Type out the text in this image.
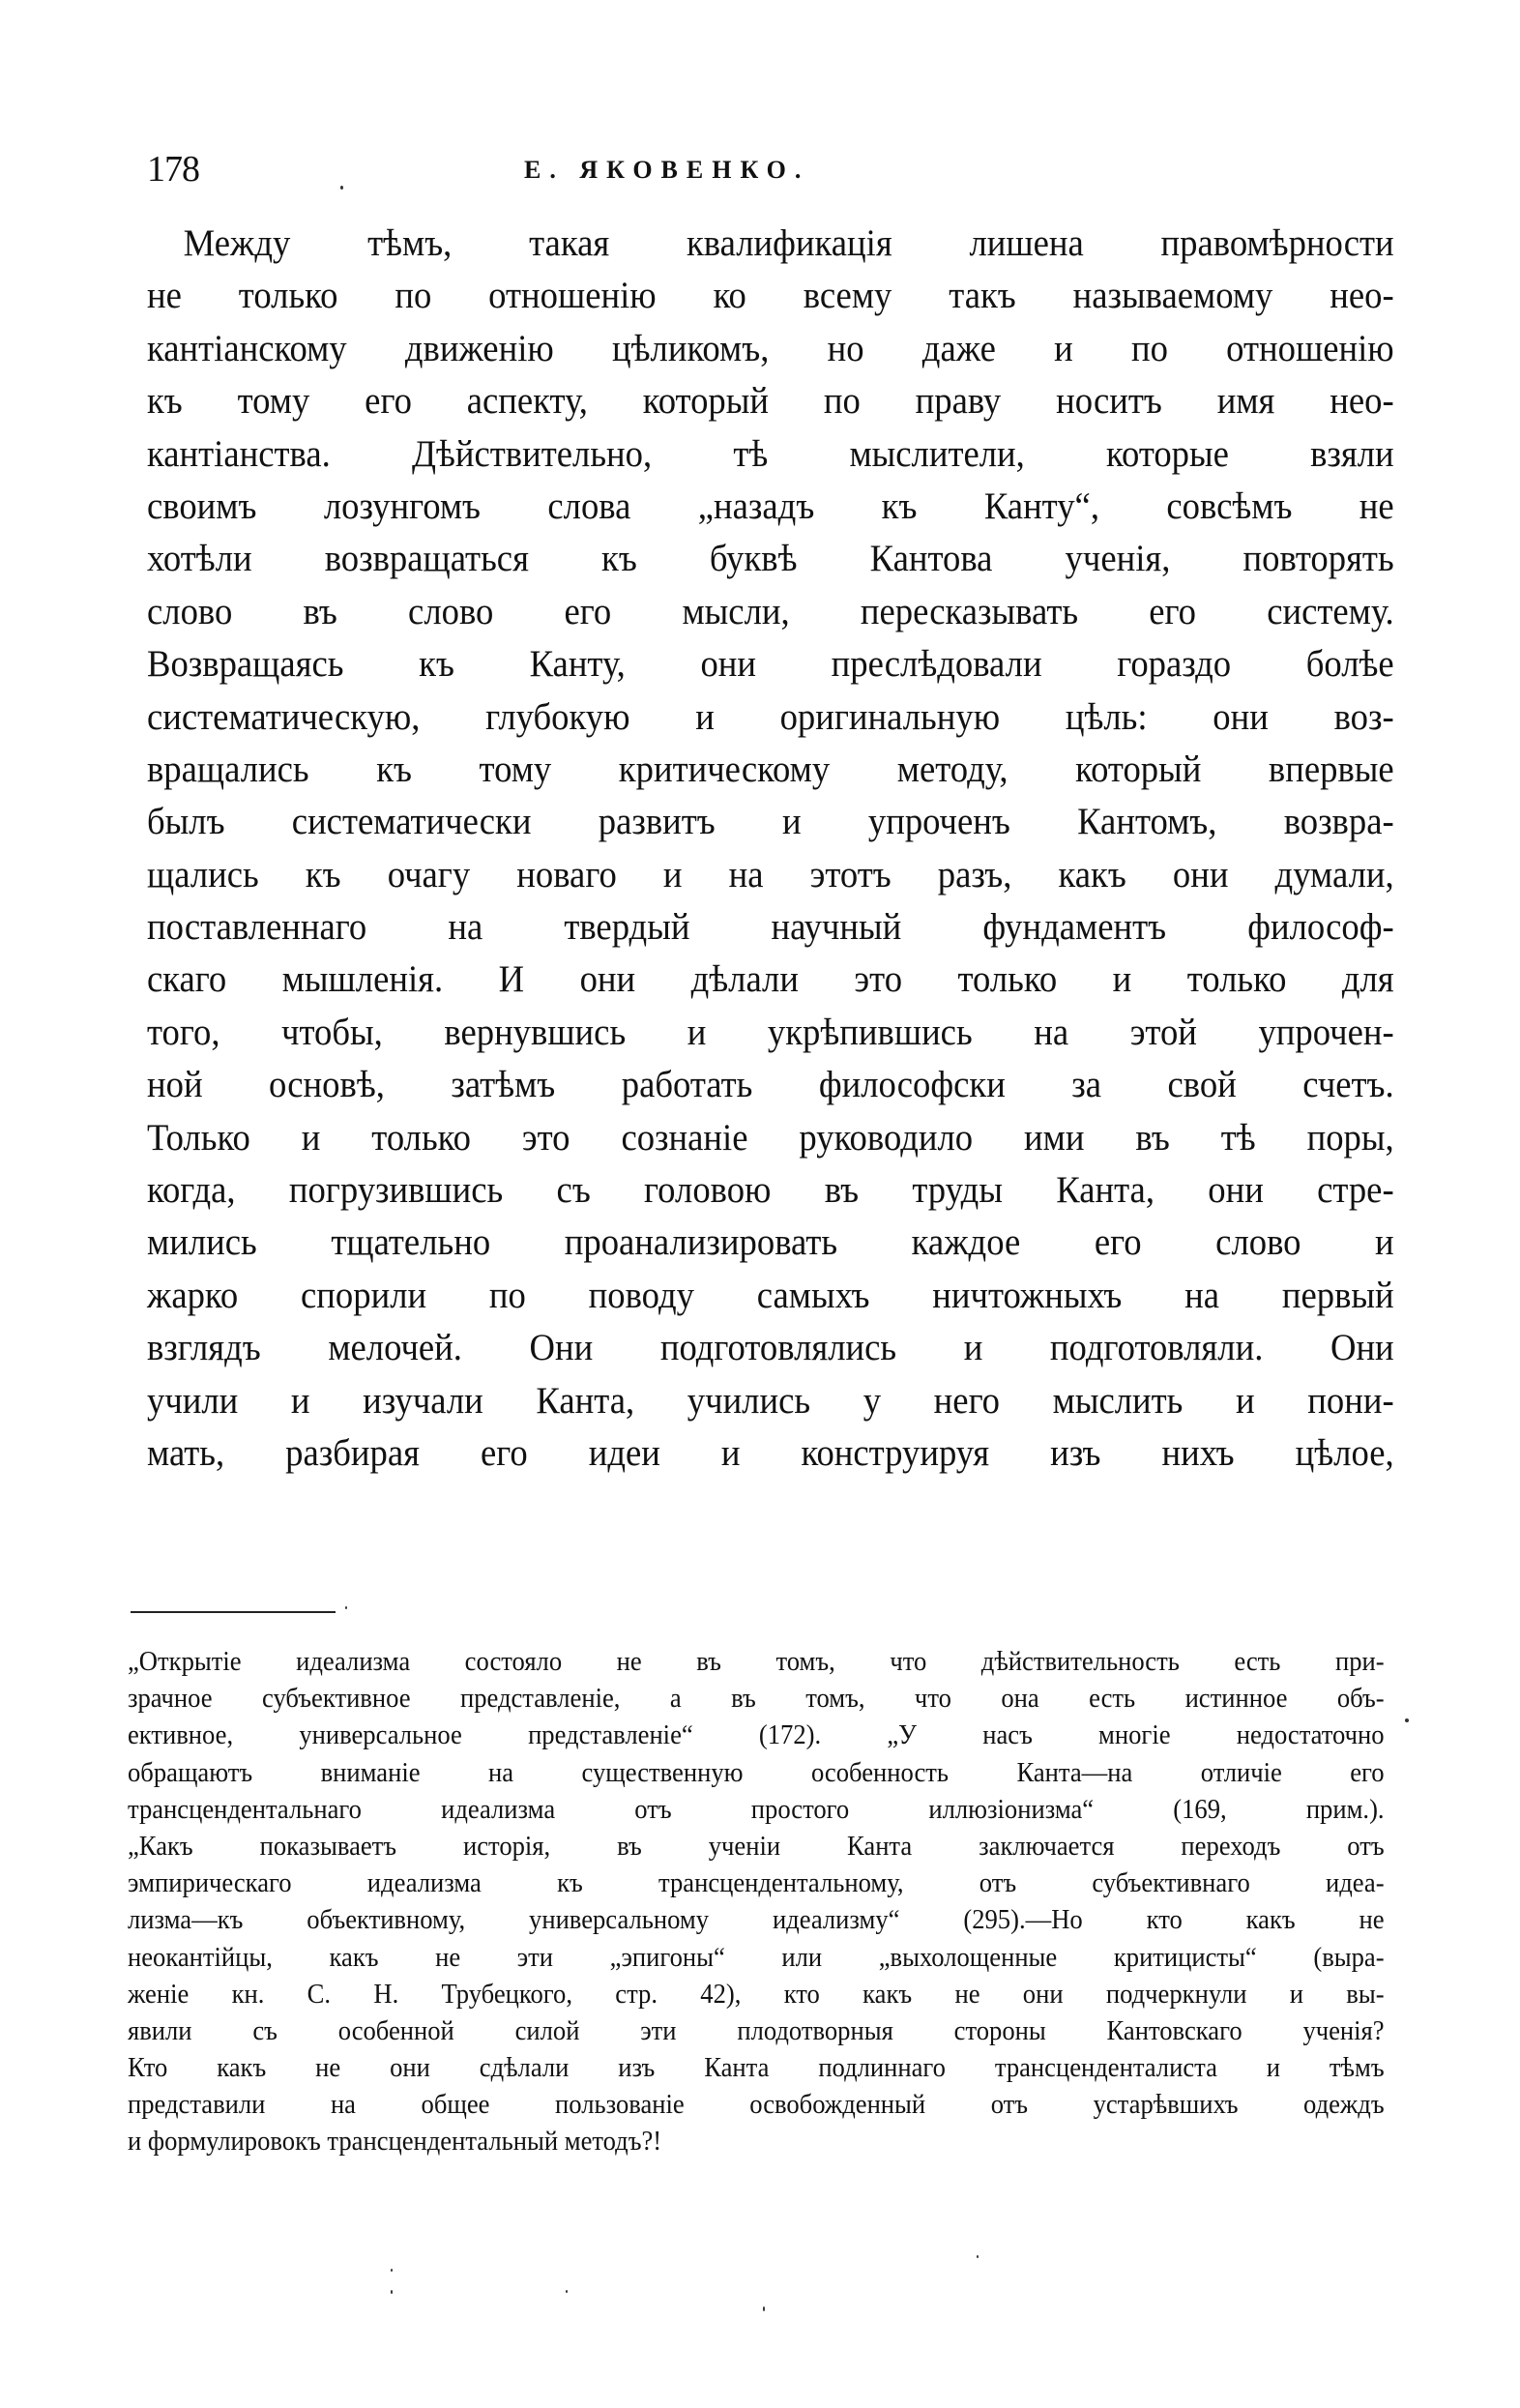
178	Е. ЯКОВЕНКО.
Между тѣмъ, такая квалификація лишена правомѣрности
не только по отношенію ко всему такъ называемому нео-
кантіанскому движенію цѣликомъ, но даже и по отношенію
къ тому его аспекту, который по праву носитъ имя нео-
кантіанства. Дѣйствительно, тѣ мыслители, которые взяли
своимъ лозунгомъ слова „назадъ къ Канту“, совсѣмъ не
хотѣли возвращаться къ буквѣ Кантова ученія, повторять
слово въ слово его мысли, пересказывать его систему.
Возвращаясь къ Канту, они преслѣдовали гораздо болѣе
систематическую, глубокую и оригинальную цѣль: они воз-
вращались къ тому критическому методу, который впервые
былъ систематически развитъ и упроченъ Кантомъ, возвра-
щались къ очагу новаго и на этотъ разъ, какъ они думали,
поставленнаго на твердый научный фундаментъ философ-
скаго мышленія. И они дѣлали это только и только для
того, чтобы, вернувшись и укрѣпившись на этой упрочен-
ной основѣ, затѣмъ работать философски за свой счетъ.
Только и только это сознаніе руководило ими въ тѣ поры,
когда, погрузившись съ головою въ труды Канта, они стре-
мились тщательно проанализировать каждое его слово и
жарко спорили по поводу самыхъ ничтожныхъ на первый
взглядъ мелочей. Они подготовлялись и подготовляли. Они
учили и изучали Канта, учились у него мыслить и пони-
мать, разбирая его идеи и конструируя изъ нихъ цѣлое,
„Открытіе идеализма состояло не въ томъ, что дѣйствительность есть при-
зрачное субъективное представленіе, а въ томъ, что она есть истинное объ-
ективное, универсальное представленіе“ (172). „У насъ многіе недостаточно
обращаютъ вниманіе на существенную особенность Канта—на отличіе его
трансцендентальнаго идеализма отъ простого иллюзіонизма“ (169, прим.).
„Какъ показываетъ исторія, въ ученіи Канта заключается переходъ отъ
эмпирическаго идеализма къ трансцендентальному, отъ субъективнаго идеа-
лизма—къ объективному, универсальному идеализму“ (295).—Но кто какъ не
неокантійцы, какъ не эти „эпигоны“ или „выхолощенные критицисты“ (выра-
женіе кн. С. Н. Трубецкого, стр. 42), кто какъ не они подчеркнули и вы-
явили съ особенной силой эти плодотворныя стороны Кантовскаго ученія?
Кто какъ не они сдѣлали изъ Канта подлиннаго трансценденталиста и тѣмъ
представили на общее пользованіе освобожденный отъ устарѣвшихъ одеждъ
и формулировокъ трансцендентальный методъ?!
